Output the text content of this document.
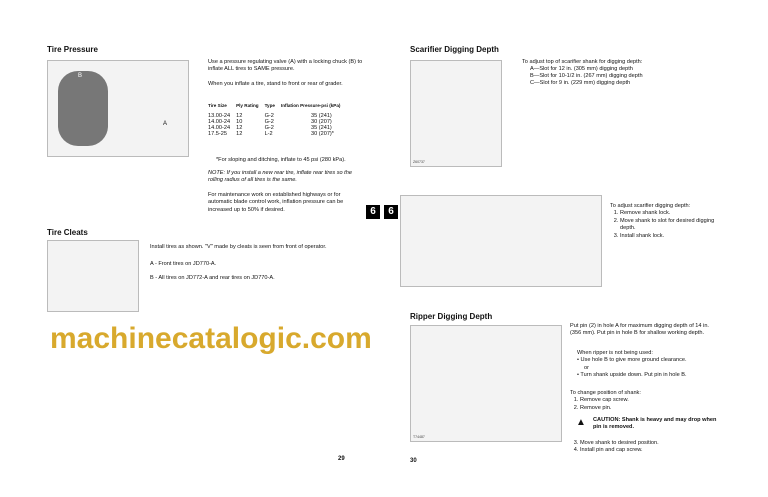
Tire Pressure
B
A
Use a pressure regulating valve (A) with a locking chuck (B) to inflate ALL tires to SAME pressure.
When you inflate a tire, stand to front or rear of grader.
Tire Size	Ply Rating	Type	Inflation Pressure-psi (kPa)

13.00-24	12	G-2	35 (241)
14.00-24	10	G-2	30 (207)
14.00-24	12	G-2	35 (241)
17.5-25	12	L-2	30 (207)*
*For sloping and ditching, inflate to 45 psi (280 kPa).
NOTE: If you install a new rear tire, inflate rear tires so the rolling radius of all tires is the same.
For maintenance work on established highways or for automatic blade control work, inflation pressure can be increased up to 50% if desired.	6	6
Tire Cleats
Install tires as shown. "V" made by cleats is seen from front of operator.
A - Front tires on JD770-A.
B - All tires on JD772-A and rear tires on JD770-A.
29
Scarifier Digging Depth
Z60737
To adjust top of scarifier shank for digging depth:
A—Slot for 12 in. (305 mm) digging depth
B—Slot for 10-1/2 in. (267 mm) digging depth
C—Slot for 9 in. (229 mm) digging depth
To adjust scarifier digging depth:
1. Remove shank lock.
2. Move shank to slot for desired digging depth.
3. Install shank lock.
machinecatalogic.com
Ripper Digging Depth
T74487
Put pin (2) in hole A for maximum digging depth of 14 in. (356 mm). Put pin in hole B for shallow working depth.
When ripper is not being used:
• Use hole B to give more ground clearance.
or
• Turn shank upside down. Put pin in hole B.
To change position of shank:
1. Remove cap screw.
2. Remove pin.
▲	CAUTION: Shank is heavy and may drop when pin is removed.
3. Move shank to desired position.
4. Install pin and cap screw.
30
